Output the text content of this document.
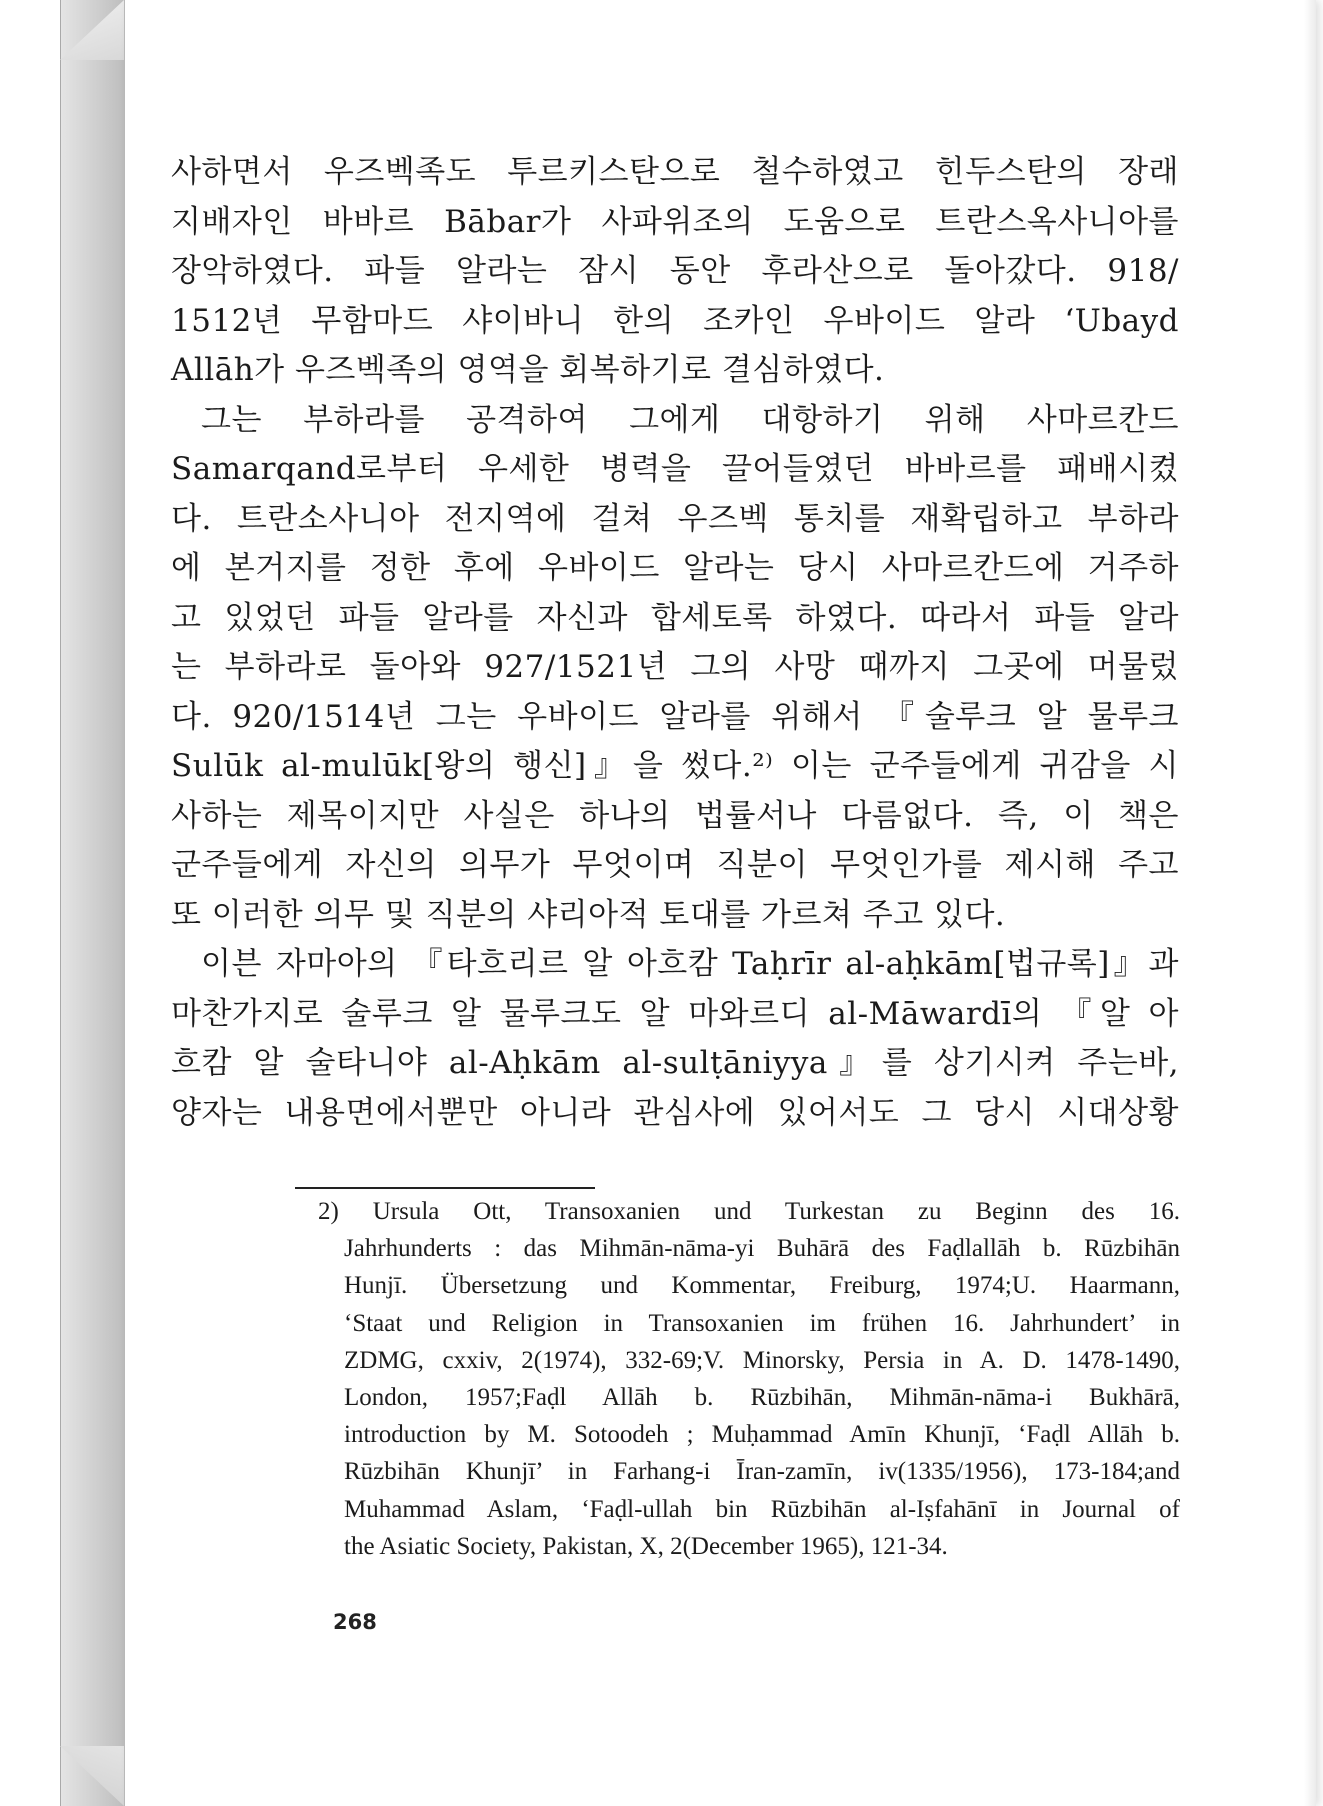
사하면서 우즈벡족도 투르키스탄으로 철수하였고 힌두스탄의 장래
지배자인 바바르 Bābar가 사파위조의 도움으로 트란스옥사니아를
장악하였다. 파들 알라는 잠시 동안 후라산으로 돌아갔다. 918/
1512년 무함마드 샤이바니 한의 조카인 우바이드 알라 ‘Ubayd
Allāh가 우즈벡족의 영역을 회복하기로 결심하였다.
그는 부하라를 공격하여 그에게 대항하기 위해 사마르칸드
Samarqand로부터 우세한 병력을 끌어들였던 바바르를 패배시켰
다. 트란소사니아 전지역에 걸쳐 우즈벡 통치를 재확립하고 부하라
에 본거지를 정한 후에 우바이드 알라는 당시 사마르칸드에 거주하
고 있었던 파들 알라를 자신과 합세토록 하였다. 따라서 파들 알라
는 부하라로 돌아와 927/1521년 그의 사망 때까지 그곳에 머물렀
다. 920/1514년 그는 우바이드 알라를 위해서 『술루크 알 물루크
Sulūk al-mulūk[왕의 행신]』을 썼다.²⁾ 이는 군주들에게 귀감을 시
사하는 제목이지만 사실은 하나의 법률서나 다름없다. 즉, 이 책은
군주들에게 자신의 의무가 무엇이며 직분이 무엇인가를 제시해 주고
또 이러한 의무 및 직분의 샤리아적 토대를 가르쳐 주고 있다.
이븐 자마아의 『타흐리르 알 아흐캄 Taḥrīr al-aḥkām[법규록]』과
마찬가지로 술루크 알 물루크도 알 마와르디 al-Māwardī의 『알 아
흐캄 알 술타니야 al-Aḥkām al-sulṭāniyya』를 상기시켜 주는바,
양자는 내용면에서뿐만 아니라 관심사에 있어서도 그 당시 시대상황
2) Ursula Ott, Transoxanien und Turkestan zu Beginn des 16.
Jahrhunderts : das Mihmān-nāma-yi Buhārā des Faḍlallāh b. Rūzbihān
Hunjī. Übersetzung und Kommentar, Freiburg, 1974;U. Haarmann,
‘Staat und Religion in Transoxanien im frühen 16. Jahrhundert’ in
ZDMG, cxxiv, 2(1974), 332-69;V. Minorsky, Persia in A. D. 1478-1490,
London, 1957;Faḍl Allāh b. Rūzbihān, Mihmān-nāma-i Bukhārā,
introduction by M. Sotoodeh ; Muḥammad Amīn Khunjī, ‘Faḍl Allāh b.
Rūzbihān Khunjī’ in Farhang-i Īran-zamīn, iv(1335/1956), 173-184;and
Muhammad Aslam, ‘Faḍl-ullah bin Rūzbihān al-Iṣfahānī in Journal of
the Asiatic Society, Pakistan, X, 2(December 1965), 121-34.
268
